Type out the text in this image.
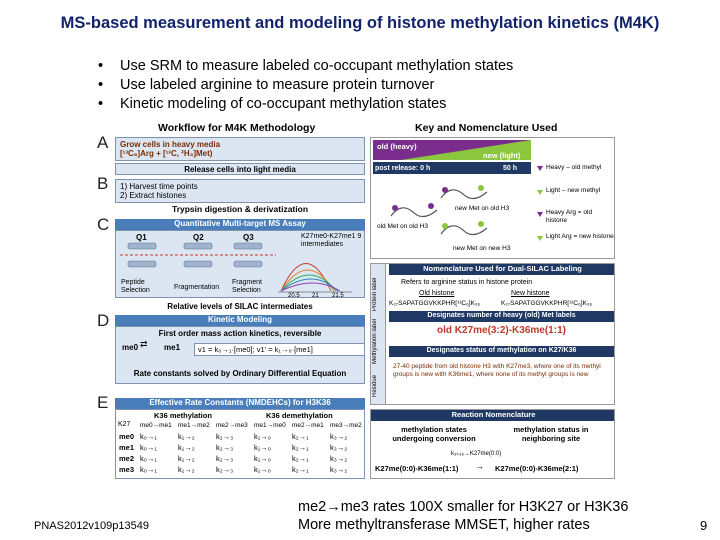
MS-based measurement and modeling of histone methylation kinetics (M4K)
• Use SRM to measure labeled co-occupant methylation states
• Use labeled arginine to measure protein turnover
• Kinetic modeling of co-occupant methylation states
A
B
C
D
E
Workflow for M4K Methodology
Grow cells in heavy media
[¹³C₆]Arg + [¹³C, ²H₃]Met)
Release cells into light media
1) Harvest time points
2) Extract histones
Trypsin digestion & derivatization
Quantitative Multi-target MS Assay
Q1	Q2	Q3	K27me0-K27me1 9 intermediates
Peptide Selection	Fragmentation
Fragment Selection
20.5 21 21.5
Relative levels of SILAC intermediates
Kinetic Modeling
First order mass action kinetics, reversible
me0	me1
⇄
v1 = k₀→₁·[me0]; v1' = k₁→₀·[me1]
Rate constants solved by Ordinary Differential Equation
Effective Rate Constants (NMDEHCs) for H3K36
K36 methylation	K36 demethylation
K27 me0→me1 me1→me2 me2→me3 me1→me0 me2→me1 me3→me2
me0 k₀→₁	k₁→₂	k₂→₃	k₁→₀	k₂→₁	k₃→₂
me1 k₀→₁	k₁→₂	k₂→₃	k₁→₀	k₂→₁	k₃→₂
me2 k₀→₁	k₁→₂	k₂→₃	k₁→₀	k₂→₁	k₃→₂
me3 k₀→₁	k₁→₂	k₂→₃	k₁→₀	k₂→₁	k₃→₂
Key and Nomenclature Used
old (heavy)
new (light)
post release: 0 h	50 h
new Met on old H3
old Met on old H3
new Met on new H3
Heavy – old methyl
Light – new methyl
Heavy Arg = old histone
Light Arg = new histone
Nomenclature Used for Dual-SILAC Labeling
Protein label
Methylation label
Residue
Refers to arginine status in histone protein
Old histone	New histone
K₂₇SAPATGGVKKPHR[¹³C₆]K₃₆	K₂₇SAPATGGVKKPHR[¹²C₆]K₃₆
Designates number of heavy (old) Met labels
old K27me(3:2)-K36me(1:1)
Designates status of methylation on K27/K36
27-40 peptide from old histone H3 with K27me3, where one of its methyl groups is new with K36me1, where none of its methyl groups is new
Reaction Nomenclature
methylation states undergoing conversion
methylation status in neighboring site
k₃ₖ₃₆→K27me(0:0)
K27me(0:0)-K36me(1:1) → K27me(0:0)-K36me(2:1)
PNAS2012v109p13549
me2→me3 rates 100X smaller for H3K27 or H3K36
More methyltransferase MMSET, higher rates	9
